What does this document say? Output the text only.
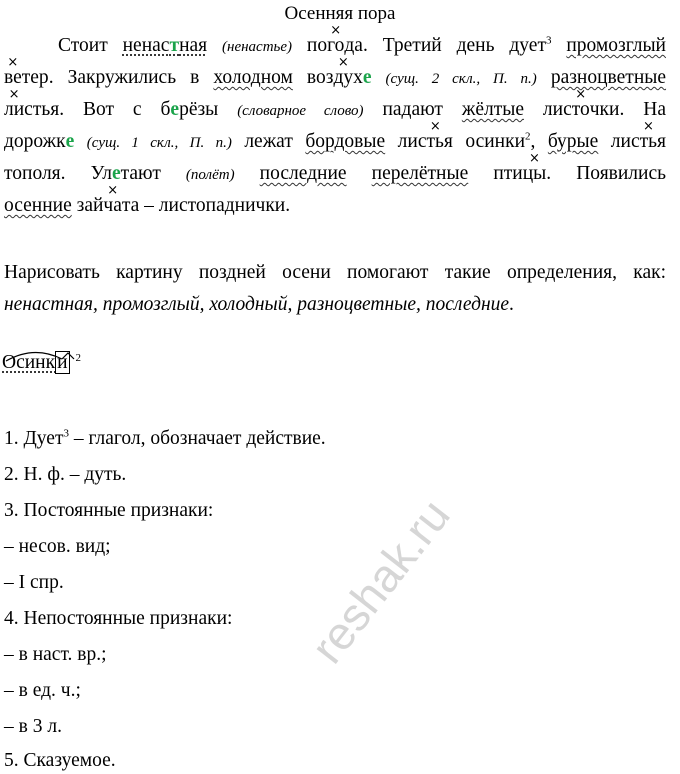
Осенняя пора
Стоит ненастная (ненастье) по× года. Третий день дует$^3$ промозглый
× ветер. Закружились в холодном воз× духе (сущ. 2 скл., П. п.) разноцветные
× листья. Вот с берёзы (словарное слово) падают жёлтые лис× точки. На
дорожке (сущ. 1 скл., П. п.) лежат бордовые ли× стья осинки$^2$, бурые ли× стья
тополя. Улетают (полёт) последние перелётные пти× цы. Появились
осенние зай× чата – листопаднички.
Нарисовать картину поздней осени помогают такие определения, как:
ненастная, промозглый, холодный, разноцветные, последние.
Осинк и $^2$
1. Дует$^3$ – глагол, обозначает действие.
2. Н. ф. – дуть.
3. Постоянные признаки:
– несов. вид;
– I спр.
4. Непостоянные признаки:
– в наст. вр.;
– в ед. ч.;
– в 3 л.
5. Сказуемое.
reshak.ru
